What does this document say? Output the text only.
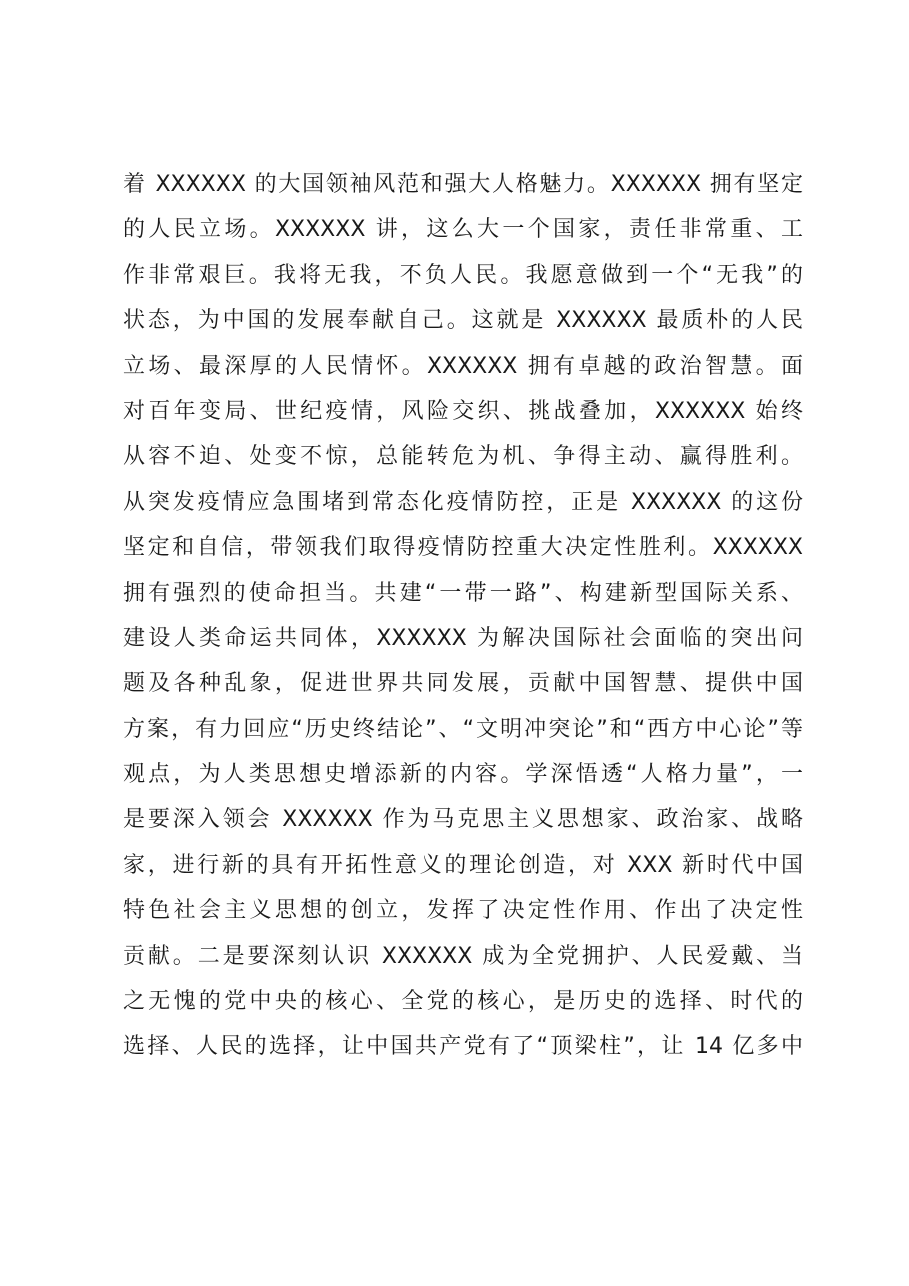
着 XXXXXX 的大国领袖风范和强大人格魅力。XXXXXX 拥有坚定
的人民立场。XXXXXX 讲，这么大一个国家，责任非常重、工
作非常艰巨。我将无我，不负人民。我愿意做到一个“无我”的
状态，为中国的发展奉献自己。这就是 XXXXXX 最质朴的人民
立场、最深厚的人民情怀。XXXXXX 拥有卓越的政治智慧。面
对百年变局、世纪疫情，风险交织、挑战叠加，XXXXXX 始终
从容不迫、处变不惊，总能转危为机、争得主动、赢得胜利。
从突发疫情应急围堵到常态化疫情防控，正是 XXXXXX 的这份
坚定和自信，带领我们取得疫情防控重大决定性胜利。XXXXXX
拥有强烈的使命担当。共建“一带一路”、构建新型国际关系、
建设人类命运共同体，XXXXXX 为解决国际社会面临的突出问
题及各种乱象，促进世界共同发展，贡献中国智慧、提供中国
方案，有力回应“历史终结论”、“文明冲突论”和“西方中心论”等
观点，为人类思想史增添新的内容。学深悟透“人格力量”，一
是要深入领会 XXXXXX 作为马克思主义思想家、政治家、战略
家，进行新的具有开拓性意义的理论创造，对 XXX 新时代中国
特色社会主义思想的创立，发挥了决定性作用、作出了决定性
贡献。二是要深刻认识 XXXXXX 成为全党拥护、人民爱戴、当
之无愧的党中央的核心、全党的核心，是历史的选择、时代的
选择、人民的选择，让中国共产党有了“顶梁柱”，让 14 亿多中
